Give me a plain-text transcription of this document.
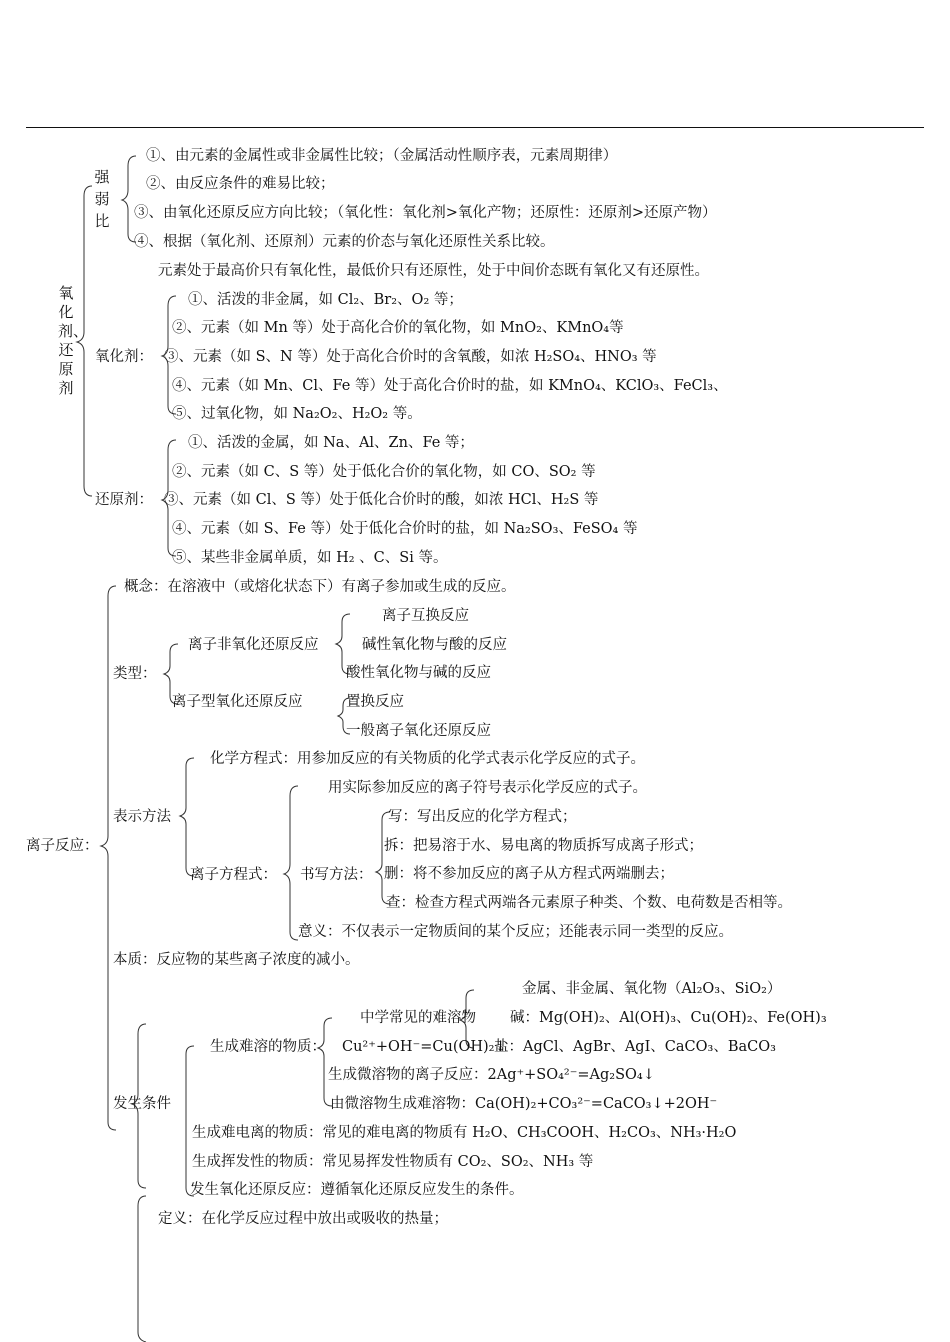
氧化剂、还原剂
强弱比
①、由元素的金属性或非金属性比较；（金属活动性顺序表，元素周期律）
②、由反应条件的难易比较；
③、由氧化还原反应方向比较；（氧化性：氧化剂>氧化产物；还原性：还原剂>还原产物）
④、根据（氧化剂、还原剂）元素的价态与氧化还原性关系比较。
元素处于最高价只有氧化性，最低价只有还原性，处于中间价态既有氧化又有还原性。
氧化剂：
①、活泼的非金属，如 Cl₂、Br₂、O₂ 等；
②、元素（如 Mn 等）处于高化合价的氧化物，如 MnO₂、KMnO₄等
③、元素（如 S、N 等）处于高化合价时的含氧酸，如浓 H₂SO₄、HNO₃ 等
④、元素（如 Mn、Cl、Fe 等）处于高化合价时的盐，如 KMnO₄、KClO₃、FeCl₃、
⑤、过氧化物，如 Na₂O₂、H₂O₂ 等。
还原剂：
①、活泼的金属，如 Na、Al、Zn、Fe 等；
②、元素（如 C、S 等）处于低化合价的氧化物，如 CO、SO₂ 等
③、元素（如 Cl、S 等）处于低化合价时的酸，如浓 HCl、H₂S 等
④、元素（如 S、Fe 等）处于低化合价时的盐，如 Na₂SO₃、FeSO₄ 等
⑤、某些非金属单质，如 H₂ 、C、Si 等。
离子反应：
概念：在溶液中（或熔化状态下）有离子参加或生成的反应。
类型：
离子非氧化还原反应
离子互换反应
碱性氧化物与酸的反应
酸性氧化物与碱的反应
离子型氧化还原反应	置换反应
一般离子氧化还原反应
表示方法
化学方程式：用参加反应的有关物质的化学式表示化学反应的式子。
离子方程式：
用实际参加反应的离子符号表示化学反应的式子。
书写方法：
写：写出反应的化学方程式；
拆：把易溶于水、易电离的物质拆写成离子形式；
删：将不参加反应的离子从方程式两端删去；
查：检查方程式两端各元素原子种类、个数、电荷数是否相等。
意义：不仅表示一定物质间的某个反应；还能表示同一类型的反应。
本质：反应物的某些离子浓度的减小。
发生条件
生成难溶的物质：
中学常见的难溶物
金属、非金属、氧化物（Al₂O₃、SiO₂）
碱：Mg(OH)₂、Al(OH)₃、Cu(OH)₂、Fe(OH)₃
Cu²⁺+OH⁻=Cu(OH)₂↓
盐：AgCl、AgBr、AgI、CaCO₃、BaCO₃
生成微溶物的离子反应：2Ag⁺+SO₄²⁻=Ag₂SO₄↓
由微溶物生成难溶物：Ca(OH)₂+CO₃²⁻=CaCO₃↓+2OH⁻
生成难电离的物质：常见的难电离的物质有 H₂O、CH₃COOH、H₂CO₃、NH₃·H₂O
生成挥发性的物质：常见易挥发性物质有 CO₂、SO₂、NH₃ 等
发生氧化还原反应：遵循氧化还原反应发生的条件。
定义：在化学反应过程中放出或吸收的热量；
